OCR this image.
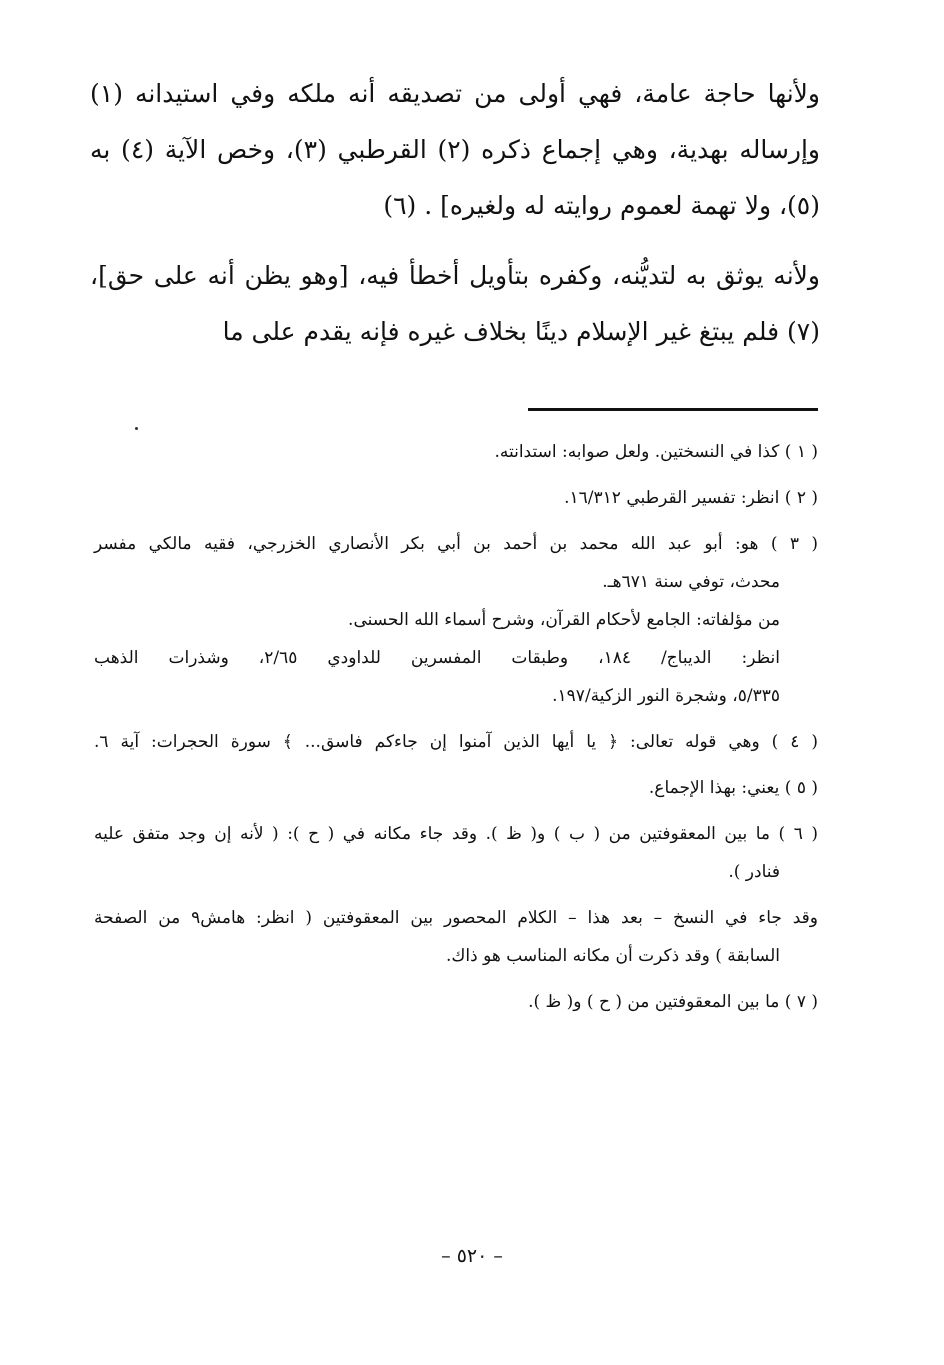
ولأنها حاجة عامة، فهي أولى من تصديقه أنه ملكه وفي استيدانه (١) وإرساله بهدية، وهي إجماع ذكره (٢) القرطبي (٣)، وخص الآية (٤) به (٥)، ولا تهمة لعموم روايته له ولغيره] . (٦)

ولأنه يوثق به لتديُّنه، وكفره بتأويل أخطأ فيه، [وهو يظن أنه على حق]،(٧) فلم يبتغ غير الإسلام دينًا بخلاف غيره فإنه يقدم على ما

( ١ ) كذا في النسختين. ولعل صوابه: استدانته.
( ٢ ) انظر: تفسير القرطبي ١٦/٣١٢.
( ٣ ) هو: أبو عبد الله محمد بن أحمد بن أبي بكر الأنصاري الخزرجي، فقيه مالكي مفسر
محدث، توفي سنة ٦٧١هـ.
من مؤلفاته: الجامع لأحكام القرآن، وشرح أسماء الله الحسنى.
انظر: الديباج/ ١٨٤، وطبقات المفسرين للداودي ٢/٦٥، وشذرات الذهب
٥/٣٣٥، وشجرة النور الزكية/١٩٧.
( ٤ ) وهي قوله تعالى: ﴿ يا أيها الذين آمنوا إن جاءكم فاسق... ﴾ سورة الحجرات: آية ٦.
( ٥ ) يعني: بهذا الإجماع.
( ٦ ) ما بين المعقوفتين من ( ب ) و( ظ ). وقد جاء مكانه في ( ح ): ( لأنه إن وجد متفق عليه
فنادر ).
وقد جاء في النسخ – بعد هذا – الكلام المحصور بين المعقوفتين ( انظر: هامش٩ من الصفحة
السابقة ) وقد ذكرت أن مكانه المناسب هو ذاك.
( ٧ ) ما بين المعقوفتين من ( ح ) و( ظ ).
– ٥٢٠ –
